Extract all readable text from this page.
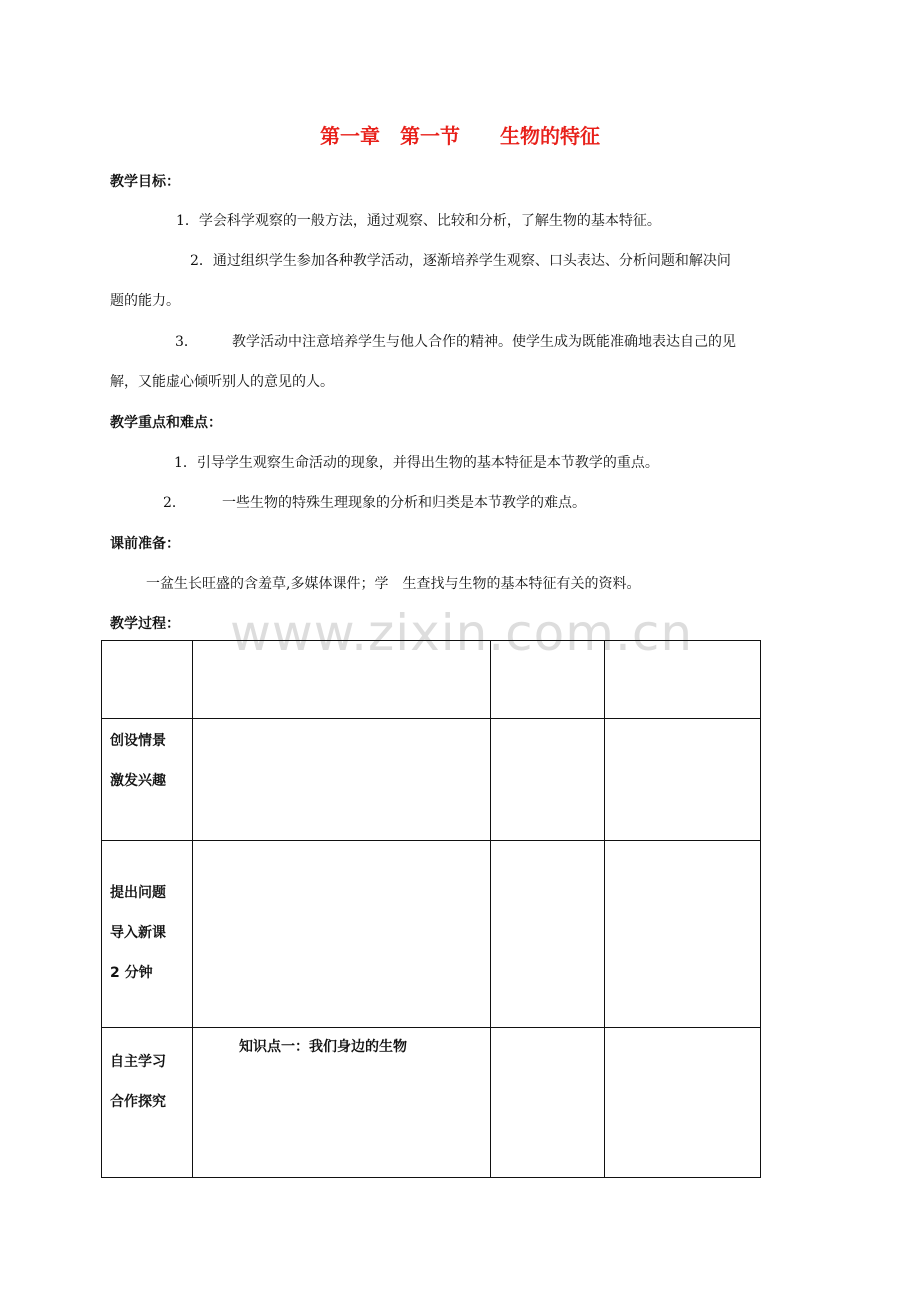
第一章　第一节　　生物的特征
教学目标：
1．学会科学观察的一般方法，通过观察、比较和分析，了解生物的基本特征。
2．通过组织学生参加各种教学活动，逐渐培养学生观察、口头表达、分析问题和解决问
题的能力。
3． 教学活动中注意培养学生与他人合作的精神。使学生成为既能准确地表达自己的见
解，又能虚心倾听别人的意见的人。
教学重点和难点：
1．引导学生观察生命活动的现象，并得出生物的基本特征是本节教学的重点。
2．	一些生物的特殊生理现象的分析和归类是本节教学的难点。
课前准备：
一盆生长旺盛的含羞草,多媒体课件；学　生查找与生物的基本特征有关的资料。
教学过程： www.zixin.com.cn

创设情景
激发兴趣			

提出问题
导入新课
2 分钟			

自主学习
合作探究	知识点一：我们身边的生物		
